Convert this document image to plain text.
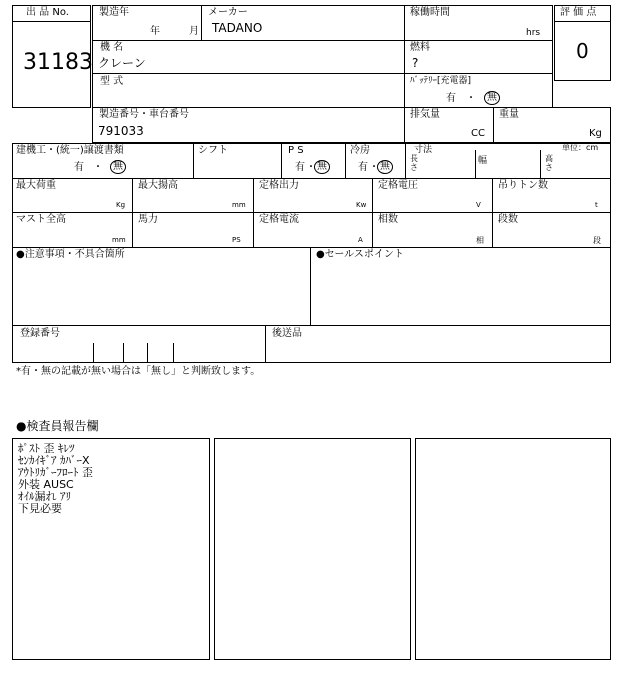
出 品 No.
31183
製造年
年	月
メーカー
TADANO
稼働時間
hrs
機 名
クレーン
燃料
?
型 式	ﾊﾞｯﾃﾘｰ[充電器]
有 ・	無
評 価 点
0
製造番号・車台番号
791033
排気量
CC
重量
Kg
建機工・(統一)譲渡書類
有 ・	無
シフト	P S
有 ・ 無
冷房
有 ・ 無
寸法	単位：cm
長
さ
幅	高
さ
最大荷重
Kg
最大揚高
mm
定格出力
Kw
定格電圧
V
吊りトン数
t
マスト全高
mm
馬力
PS
定格電流
A
相数
相
段数
段
●注意事項・不具合箇所	●セールスポイント
登録番号	後送品
*有・無の記載が無い場合は「無し」と判断致します。
●検査員報告欄
ﾎﾟｽﾄ 歪 ｷﾚﾂ
ｾﾝｶｲｷﾞｱ ｶﾊﾞｰX
ｱｳﾄﾘｶﾞｰﾌﾛｰﾄ 歪
外装 AUSC
ｵｲﾙ漏れ ｱﾘ
下見必要
